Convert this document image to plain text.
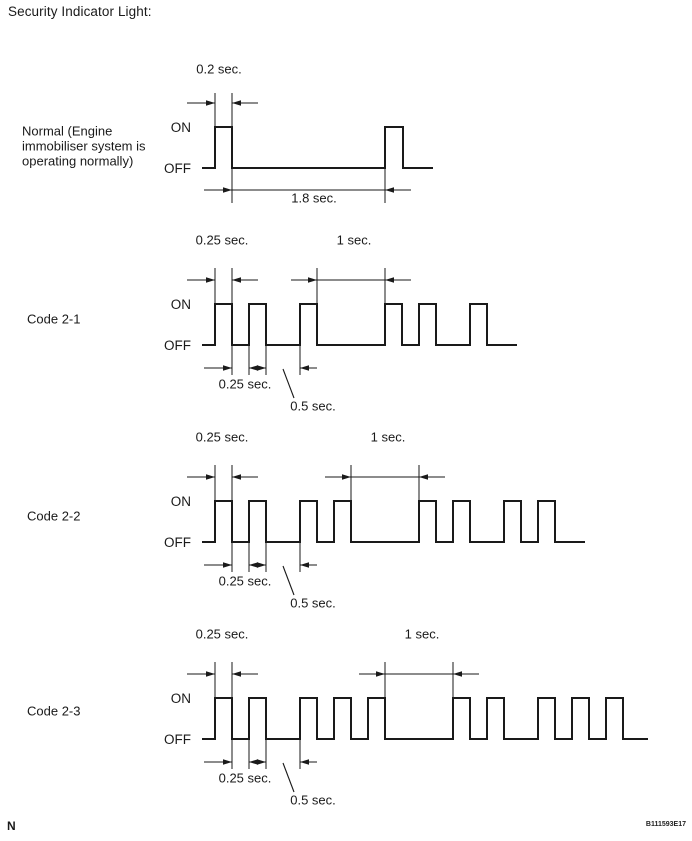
Security Indicator Light:
Normal (Engine
immobiliser system is
operating normally)
ON
OFF
0.2 sec.
1.8 sec.
Code 2-1
ON
OFF
0.25 sec.	1 sec.
0.25 sec.
0.5 sec.
Code 2-2
ON
OFF
0.25 sec.	1 sec.
0.25 sec.
0.5 sec.
Code 2-3
ON
OFF
0.25 sec.	1 sec.
0.25 sec.
0.5 sec.
N	B111593E17
